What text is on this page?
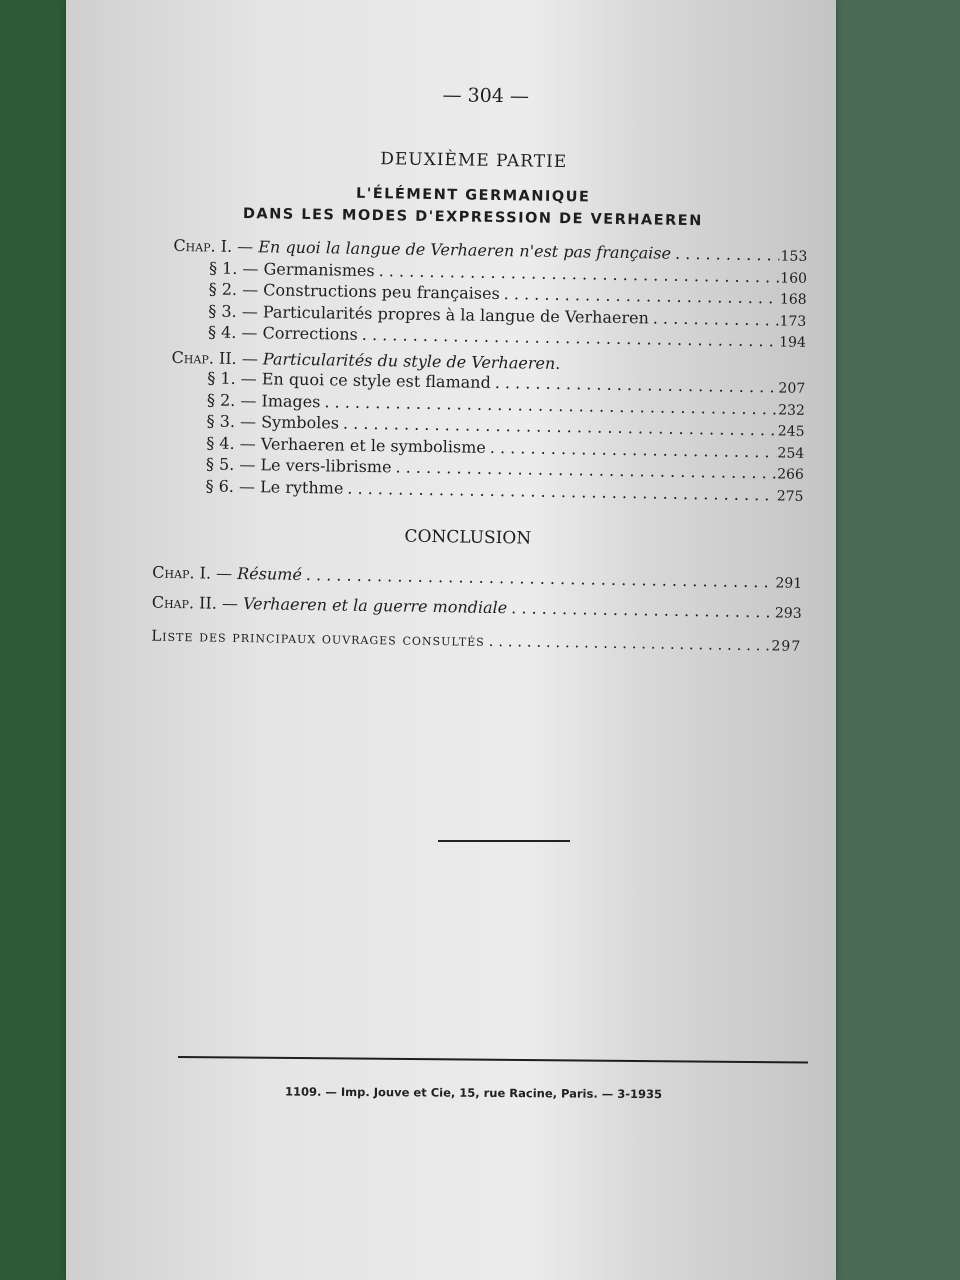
— 304 —
DEUXIÈME PARTIE
L'ÉLÉMENT GERMANIQUE
DANS LES MODES D'EXPRESSION DE VERHAEREN
Chap. I. — En quoi la langue de Verhaeren n'est pas française . . .	153
§ 1. — Germanismes . . .	160
§ 2. — Constructions peu françaises . . .	168
§ 3. — Particularités propres à la langue de Verhaeren . . .	173
§ 4. — Corrections . . .	194
Chap. II. — Particularités du style de Verhaeren.
§ 1. — En quoi ce style est flamand . . .	207
§ 2. — Images . . .	232
§ 3. — Symboles . . .	245
§ 4. — Verhaeren et le symbolisme . . .	254
§ 5. — Le vers-librisme . . .	266
§ 6. — Le rythme . . .	275
CONCLUSION
Chap. I. — Résumé . . .	291
Chap. II. — Verhaeren et la guerre mondiale . . .	293
Liste des principaux ouvrages consultés . . .	297
1109. — Imp. Jouve et Cie, 15, rue Racine, Paris. — 3-1935
